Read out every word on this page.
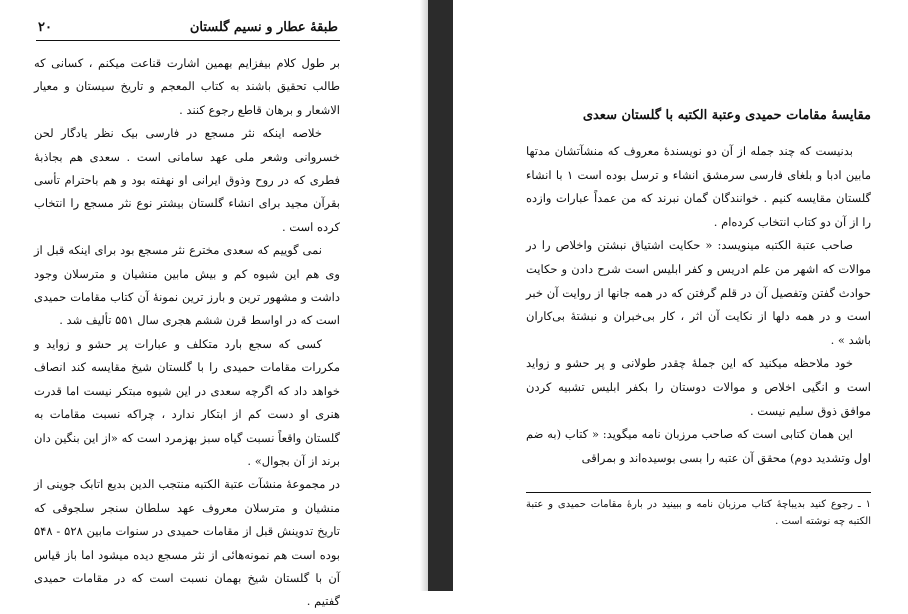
طبقهٔ عطار و نسیم گلستان
۲۰

بر طول کلام بیفزایم بهمین اشارت قناعت میکنم ، کسانی که طالب تحقیق باشند به کتاب المعجم و تاریخ سیستان و معیار الاشعار و برهان قاطع رجوع کنند .

خلاصه اینکه نثر مسجع در فارسی بیک نظر یادگار لحن خسروانی وشعر ملی عهد سامانی است . سعدی هم بجاذبهٔ فطری که در روح وذوق ایرانی او نهفته بود و هم باحترام تأسی بقرآن مجید برای انشاء گلستان بیشتر نوع نثر مسجع را انتخاب کرده است .

نمی گوییم که سعدی مخترع نثر مسجع بود برای اینکه قبل از وی هم این شیوه کم و بیش مابین منشیان و مترسلان وجود داشت و مشهور ترین و بارز ترین نمونهٔ آن کتاب مقامات حمیدی است که در اواسط قرن ششم هجری سال ۵۵۱ تألیف شد .

کسی که سجع بارد متکلف و عبارات پر حشو و زواید و مکررات مقامات حمیدی را با گلستان شیخ مقایسه کند انصاف خواهد داد که اگرچه سعدی در این شیوه مبتکر نیست اما قدرت هنری او دست کم از ابتکار ندارد ، چراکه نسبت مقامات به گلستان واقعاً نسبت گیاه سبز بهزمرد است که «از این بنگین دان برند از آن بجوال» .

در مجموعهٔ منشآت عتبة الکتبه منتجب الدین بدیع اتابک جوینی از منشیان و مترسلان معروف عهد سلطان سنجر سلجوقی که تاریخ تدوینش قبل از مقامات حمیدی در سنوات مابین ۵۲۸ - ۵۴۸ بوده است هم نمونه‌هائی از نثر مسجع دیده میشود اما باز قیاس آن با گلستان شیخ بهمان نسبت است که در مقامات حمیدی گفتیم .

مقایسهٔ مقامات حمیدی وعتبة الکتبه با گلستان سعدی

بدنیست که چند جمله از آن دو نویسندهٔ معروف که منشآتشان مدتها مابین ادبا و بلغای فارسی سرمشق انشاء و ترسل بوده است ۱ با انشاء گلستان مقایسه کنیم . خوانندگان گمان نبرند که من عمداً عبارات وازده را از آن دو کتاب انتخاب کرده‌ام .

صاحب عتبة الکتبه مینویسد: « حکایت اشتیاق نبشتن واخلاص را در موالات که اشهر من علم ادریس و کفر ابلیس است شرح دادن و حکایت حوادث گفتن وتفصیل آن در قلم گرفتن که در همه جانها از روایت آن خبر است و در همه دلها از نکایت آن اثر ، کار بی‌خبران و نبشتهٔ بی‌کاران باشد » .

خود ملاحظه میکنید که این جملهٔ چقدر طولانی و پر حشو و زواید است و انگیی اخلاص و موالات دوستان را بکفر ابلیس تشبیه کردن موافق ذوق سلیم نیست .

این همان کتابی است که صاحب مرزبان نامه میگوید: « کتاب (به ضم اول وتشدید دوم) محقق آن عتبه را بسی بوسیده‌اند و بمراقی

۱ ـ رجوع کنید بدیباچهٔ کتاب مرزبان نامه و ببینید در بارهٔ مقامات حمیدی و عتبة الکتبه چه نوشته است .
